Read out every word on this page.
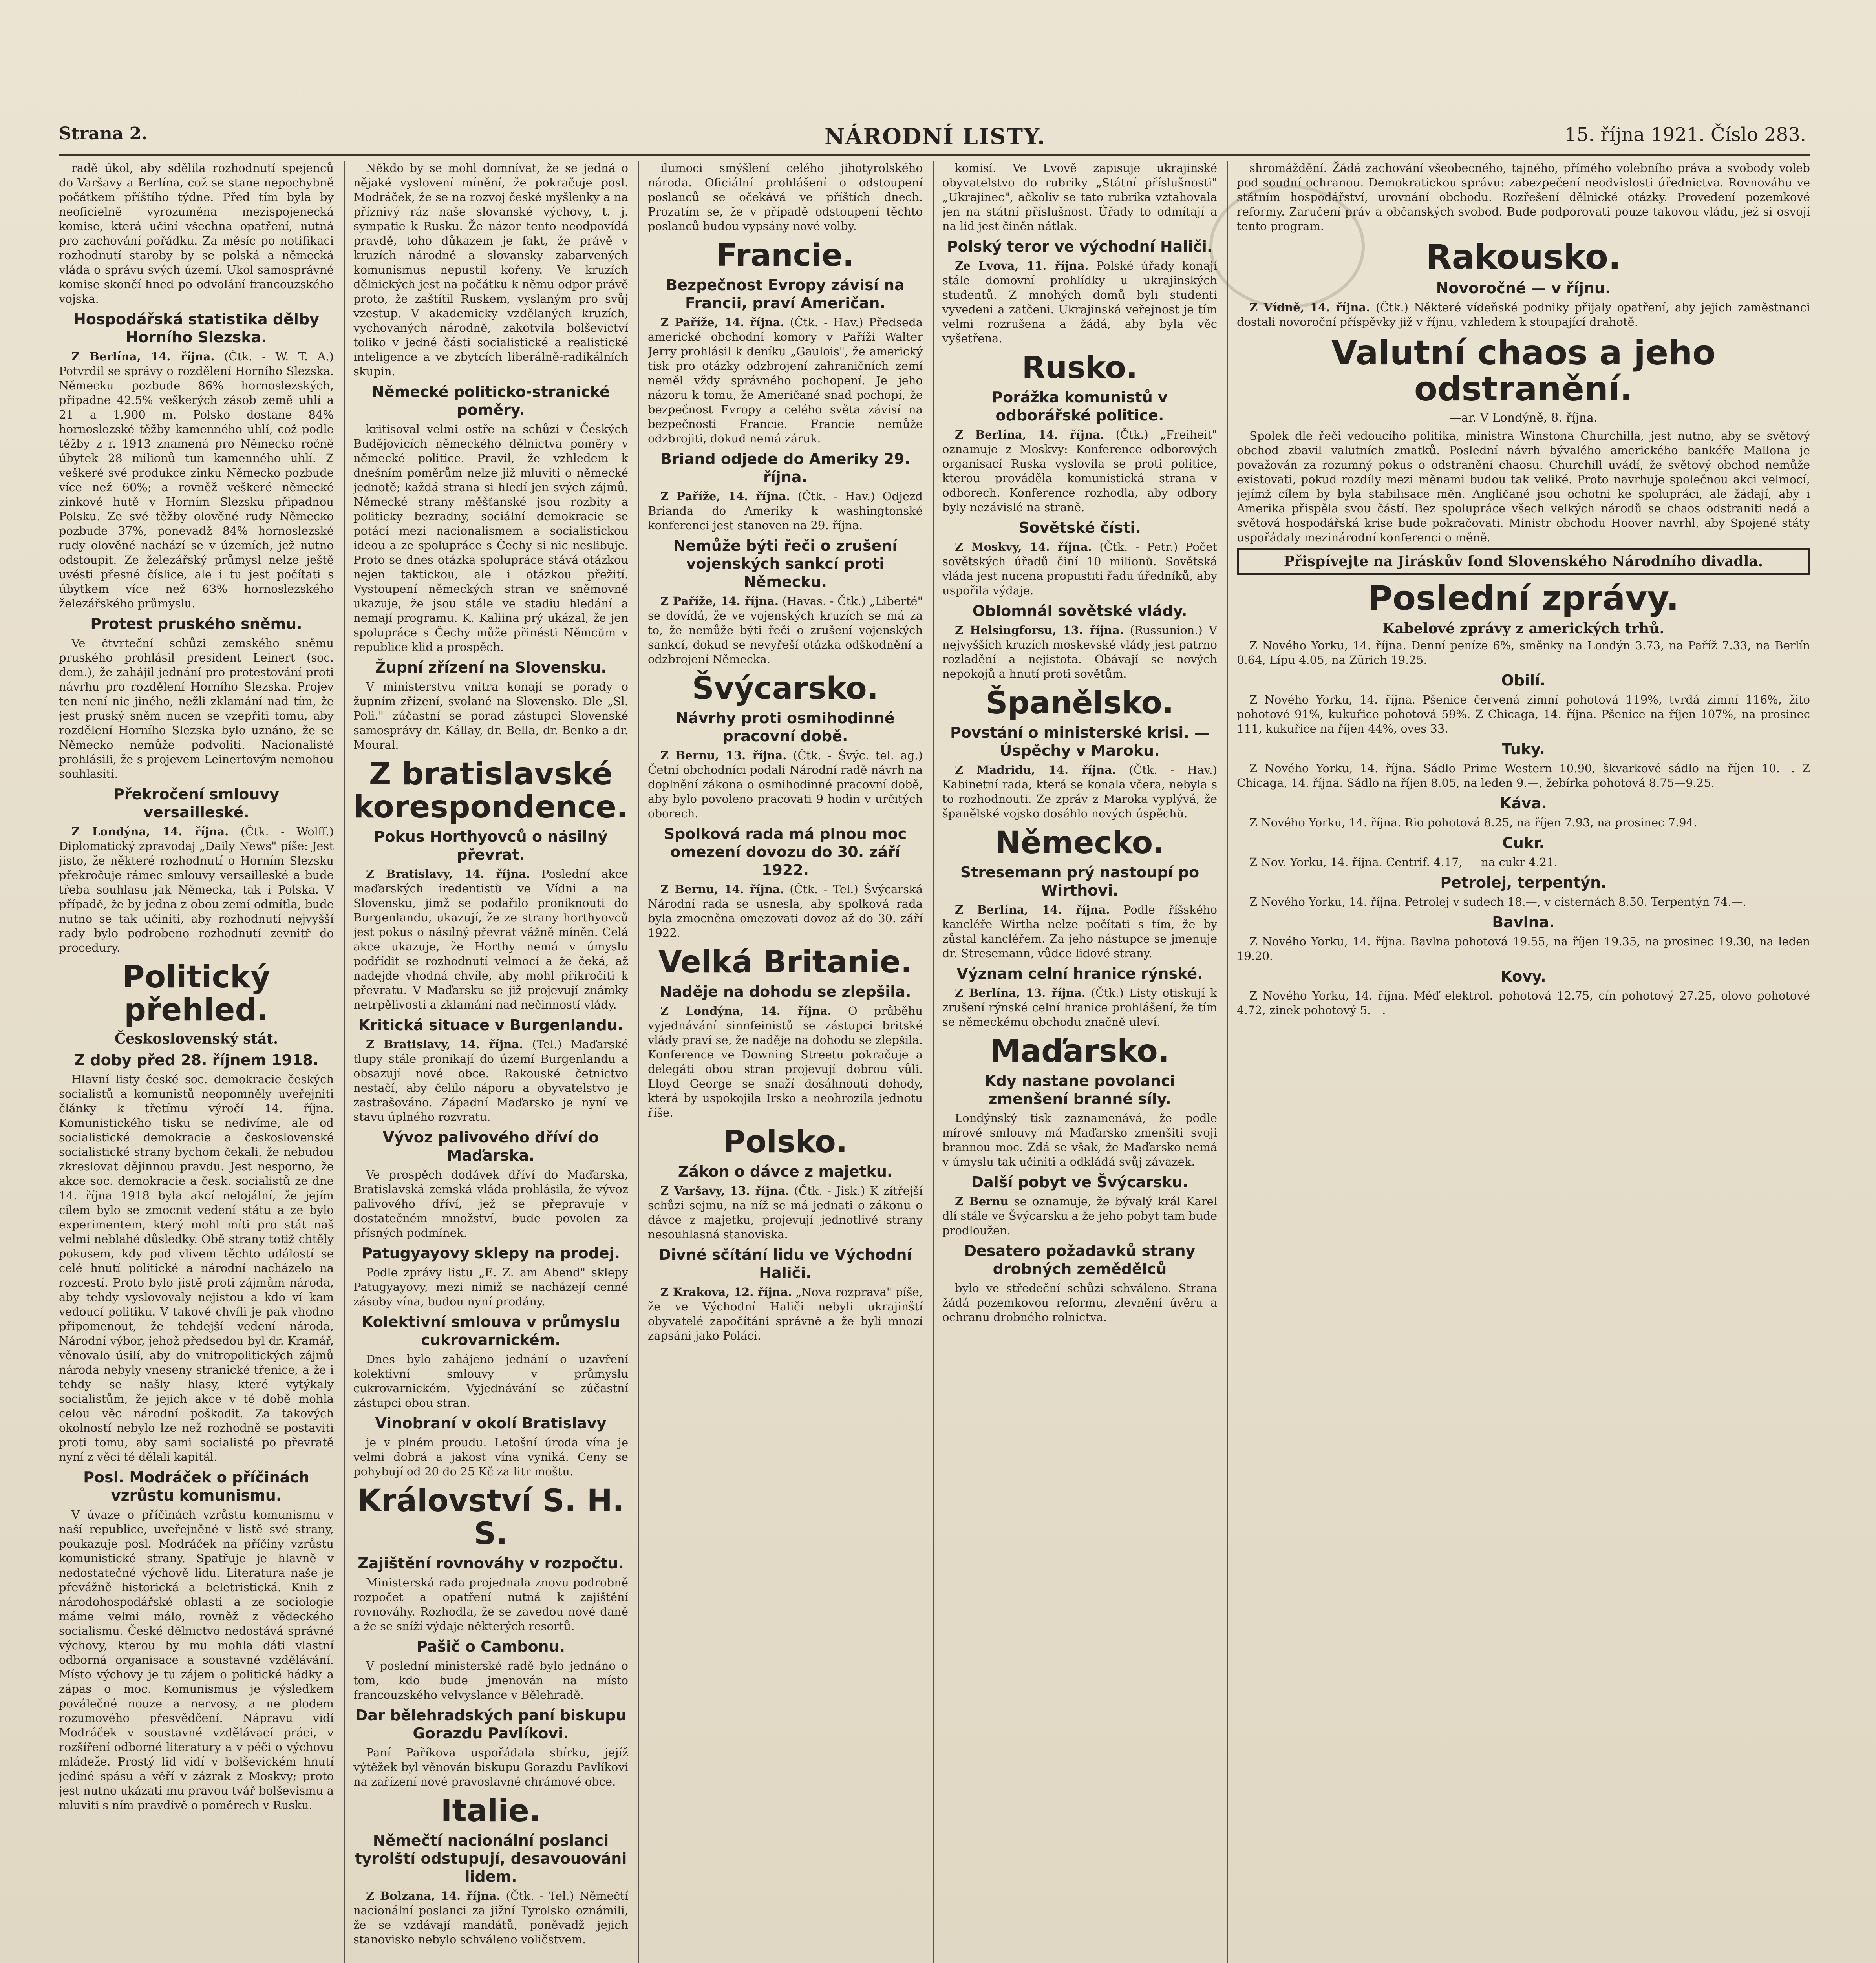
Strana 2.	NÁRODNÍ LISTY.	15. října 1921. Číslo 283.

radě úkol, aby sdělila rozhodnutí spejenců do Varšavy a Berlína, což se stane nepochybně počátkem příštího týdne. Před tím byla by neoficielně vyrozuměna mezispojenecká komise, která učiní všechna opatření, nutná pro zachování pořádku. Za měsíc po notifikaci rozhodnutí staroby by se polská a německá vláda o správu svých území. Ukol samosprávné komise skončí hned po odvolání francouzského vojska.

Hospodářská statistika dělby Horního Slezska.

Z Berlína, 14. října. (Čtk. - W. T. A.) Potvrdil se správy o rozdělení Horního Slezska. Německu pozbude 86% hornoslezských, připadne 42.5% veškerých zásob země uhlí a 21 a 1.900 m. Polsko dostane 84% hornoslezské těžby kamenného uhlí, což podle těžby z r. 1913 znamená pro Německo ročně úbytek 28 milionů tun kamenného uhlí. Z veškeré své produkce zinku Německo pozbude více než 60%; a rovněž veškeré německé zinkové hutě v Horním Slezsku připadnou Polsku. Ze své těžby olověné rudy Německo pozbude 37%, ponevadž 84% hornoslezské rudy olověné nachází se v územích, jež nutno odstoupit. Ze železářský průmysl nelze ještě uvésti přesné číslice, ale i tu jest počítati s úbytkem více než 63% hornoslezského železářského průmyslu.

Protest pruského sněmu.

Ve čtvrteční schůzi zemského sněmu pruského prohlásil president Leinert (soc. dem.), že zahájil jednání pro protestování proti návrhu pro rozdělení Horního Slezska. Projev ten není nic jiného, nežli zklamání nad tím, že jest pruský sněm nucen se vzepřiti tomu, aby rozdělení Horního Slezska bylo uznáno, že se Německo nemůže podvoliti. Nacionalisté prohlásili, že s projevem Leinertovým nemohou souhlasiti.

Překročení smlouvy versailleské.

Z Londýna, 14. října. (Čtk. - Wolff.) Diplomatický zpravodaj „Daily News" píše: Jest jisto, že některé rozhodnutí o Horním Slezsku překročuje rámec smlouvy versailleské a bude třeba souhlasu jak Německa, tak i Polska. V případě, že by jedna z obou zemí odmítla, bude nutno se tak učiniti, aby rozhodnutí nejvyšší rady bylo podrobeno rozhodnutí zevnitř do procedury.

Politický přehled.
Československý stát.
Z doby před 28. říjnem 1918.

Hlavní listy české soc. demokracie českých socialistů a komunistů neopomněly uveřejniti články k třetímu výročí 14. října. Komunistického tisku se nedivíme, ale od socialistické demokracie a československé socialistické strany bychom čekali, že nebudou zkreslovat dějinnou pravdu. Jest nesporno, že akce soc. demokracie a česk. socialistů ze dne 14. října 1918 byla akcí nelojální, že jejím cílem bylo se zmocnit vedení státu a ze bylo experimentem, který mohl míti pro stát naš velmi neblahé důsledky. Obě strany totiž chtěly pokusem, kdy pod vlivem těchto událostí se celé hnutí politické a národní nacházelo na rozcestí. Proto bylo jistě proti zájmům národa, aby tehdy vyslovovaly nejistou a kdo ví kam vedoucí politiku. V takové chvíli je pak vhodno připomenout, že tehdejší vedení národa, Národní výbor, jehož předsedou byl dr. Kramář, věnovalo úsilí, aby do vnitropolitických zájmů národa nebyly vneseny stranické třenice, a že i tehdy se našly hlasy, které vytýkaly socialistům, že jejich akce v té době mohla celou věc národní poškodit. Za takových okolností nebylo lze než rozhodně se postaviti proti tomu, aby sami socialisté po převratě nyní z věci té dělali kapitál.

Posl. Modráček o příčinách vzrůstu komunismu.

V úvaze o příčinách vzrůstu komunismu v naší republice, uveřejněné v listě své strany, poukazuje posl. Modráček na příčiny vzrůstu komunistické strany. Spatřuje je hlavně v nedostatečné výchově lidu. Literatura naše je převážně historická a beletristická. Knih z národohospodářské oblasti a ze sociologie máme velmi málo, rovněž z vědeckého socialismu. České dělnictvo nedostává správné výchovy, kterou by mu mohla dáti vlastní odborná organisace a soustavné vzdělávání. Místo výchovy je tu zájem o politické hádky a zápas o moc. Komunismus je výsledkem poválečné nouze a nervosy, a ne plodem rozumového přesvědčení. Nápravu vidí Modráček v soustavné vzdělávací práci, v rozšíření odborné literatury a v péči o výchovu mládeže. Prostý lid vidí v bolševickém hnutí jediné spásu a věří v zázrak z Moskvy; proto jest nutno ukázati mu pravou tvář bolševismu a mluviti s ním pravdivě o poměrech v Rusku.

Někdo by se mohl domnívat, že se jedná o nějaké vyslovení mínění, že pokračuje posl. Modráček, že se na rozvoj české myšlenky a na příznivý ráz naše slovanské výchovy, t. j. sympatie k Rusku. Že názor tento neodpovídá pravdě, toho důkazem je fakt, že právě v kruzích národně a slovansky zabarvených komunismus nepustil kořeny. Ve kruzích dělnických jest na počátku k němu odpor právě proto, že zaštítil Ruskem, vyslaným pro svůj vzestup. V akademicky vzdělaných kruzích, vychovaných národně, zakotvila bolševictví toliko v jedné části socialistické a realistické inteligence a ve zbytcích liberálně-radikálních skupin.

Německé politicko-stranické poměry.

kritisoval velmi ostře na schůzi v Českých Budějovicích německého dělnictva poměry v německé politice. Pravil, že vzhledem k dnešním poměrům nelze již mluviti o německé jednotě; každá strana si hledí jen svých zájmů. Německé strany měšťanské jsou rozbity a politicky bezradny, sociální demokracie se potácí mezi nacionalismem a socialistickou ideou a ze spolupráce s Čechy si nic neslibuje. Proto se dnes otázka spolupráce stává otázkou nejen taktickou, ale i otázkou přežití. Vystoupení německých stran ve sněmovně ukazuje, že jsou stále ve stadiu hledání a nemají programu. K. Kaliina prý ukázal, že jen spolupráce s Čechy může přinésti Němcům v republice klid a prospěch.

Župní zřízení na Slovensku.

V ministerstvu vnitra konají se porady o župním zřízení, svolané na Slovensko. Dle „Sl. Poli." zúčastní se porad zástupci Slovenské samosprávy dr. Kállay, dr. Bella, dr. Benko a dr. Moural.

Z bratislavské korespondence.
Pokus Horthyovců o násilný převrat.

Z Bratislavy, 14. října. Poslední akce maďarských iredentistů ve Vídni a na Slovensku, jimž se podařilo proniknouti do Burgenlandu, ukazují, že ze strany horthyovců jest pokus o násilný převrat vážně míněn. Celá akce ukazuje, že Horthy nemá v úmyslu podřídit se rozhodnutí velmocí a že čeká, až nadejde vhodná chvíle, aby mohl přikročiti k převratu. V Maďarsku se již projevují známky netrpělivosti a zklamání nad nečinností vlády.

Kritická situace v Burgenlandu.

Z Bratislavy, 14. října. (Tel.) Maďarské tlupy stále pronikají do území Burgenlandu a obsazují nové obce. Rakouské četnictvo nestačí, aby čelilo náporu a obyvatelstvo je zastrašováno. Západní Maďarsko je nyní ve stavu úplného rozvratu.

Vývoz palivového dříví do Maďarska.

Ve prospěch dodávek dříví do Maďarska, Bratislavská zemská vláda prohlásila, že vývoz palivového dříví, jež se přepravuje v dostatečném množství, bude povolen za přísných podmínek.

Patugyayovy sklepy na prodej.

Podle zprávy listu „E. Z. am Abend" sklepy Patugyayovy, mezi nimiž se nacházejí cenné zásoby vína, budou nyní prodány.

Kolektivní smlouva v průmyslu cukrovarnickém.

Dnes bylo zahájeno jednání o uzavření kolektivní smlouvy v průmyslu cukrovarnickém. Vyjednávání se zúčastní zástupci obou stran.

Vinobraní v okolí Bratislavy

je v plném proudu. Letošní úroda vína je velmi dobrá a jakost vína vyniká. Ceny se pohybují od 20 do 25 Kč za litr moštu.

Království S. H. S.
Zajištění rovnováhy v rozpočtu.

Ministerská rada projednala znovu podrobně rozpočet a opatření nutná k zajištění rovnováhy. Rozhodla, že se zavedou nové daně a že se sníží výdaje některých resortů.

Pašič o Cambonu.

V poslední ministerské radě bylo jednáno o tom, kdo bude jmenován na místo francouzského velvyslance v Bělehradě.

Dar bělehradských paní biskupu Gorazdu Pavlíkovi.

Paní Paříkova uspořádala sbírku, jejíž výtěžek byl věnován biskupu Gorazdu Pavlíkovi na zařízení nové pravoslavné chrámové obce.

Italie.
Němečtí nacionální poslanci tyrolští odstupují, desavouováni lidem.

Z Bolzana, 14. října. (Čtk. - Tel.) Němečtí nacionální poslanci za jižní Tyrolsko oznámili, že se vzdávají mandátů, poněvadž jejich stanovisko nebylo schváleno voličstvem.

ilumoci smýšlení celého jihotyrolského národa. Oficiální prohlášení o odstoupení poslanců se očekává ve příštích dnech. Prozatím se, že v případě odstoupení těchto poslanců budou vypsány nové volby.

Francie.
Bezpečnost Evropy závisí na Francii, praví Američan.

Z Paříže, 14. října. (Čtk. - Hav.) Předseda americké obchodní komory v Paříži Walter Jerry prohlásil k deníku „Gaulois", že americký tisk pro otázky odzbrojení zahraničních zemí neměl vždy správného pochopení. Je jeho názoru k tomu, že Američané snad pochopí, že bezpečnost Evropy a celého světa závisí na bezpečnosti Francie. Francie nemůže odzbrojiti, dokud nemá záruk.

Briand odjede do Ameriky 29. října.

Z Paříže, 14. října. (Čtk. - Hav.) Odjezd Brianda do Ameriky k washingtonské konferenci jest stanoven na 29. října.

Nemůže býti řeči o zrušení vojenských sankcí proti Německu.

Z Paříže, 14. října. (Havas. - Čtk.) „Liberté" se dovídá, že ve vojenských kruzích se má za to, že nemůže býti řeči o zrušení vojenských sankcí, dokud se nevyřeší otázka odškodnění a odzbrojení Německa.

Švýcarsko.
Návrhy proti osmihodinné pracovní době.

Z Bernu, 13. října. (Čtk. - Švýc. tel. ag.) Četní obchodníci podali Národní radě návrh na doplnění zákona o osmihodinné pracovní době, aby bylo povoleno pracovati 9 hodin v určitých oborech.

Spolková rada má plnou moc omezení dovozu do 30. září 1922.

Z Bernu, 14. října. (Čtk. - Tel.) Švýcarská Národní rada se usnesla, aby spolková rada byla zmocněna omezovati dovoz až do 30. září 1922.

Velká Britanie.
Naděje na dohodu se zlepšila.

Z Londýna, 14. října. O průběhu vyjednávání sinnfeinistů se zástupci britské vlády praví se, že naděje na dohodu se zlepšila. Konference ve Downing Streetu pokračuje a delegáti obou stran projevují dobrou vůli. Lloyd George se snaží dosáhnouti dohody, která by uspokojila Irsko a neohrozila jednotu říše.

Polsko.
Zákon o dávce z majetku.

Z Varšavy, 13. října. (Čtk. - Jisk.) K zítřejší schůzi sejmu, na níž se má jednati o zákonu o dávce z majetku, projevují jednotlivé strany nesouhlasná stanoviska.

Divné sčítání lidu ve Východní Haliči.

Z Krakova, 12. října. „Nova rozprava" píše, že ve Východní Haliči nebyli ukrajinští obyvatelé započítáni správně a že byli mnozí zapsáni jako Poláci.

komisí. Ve Lvově zapisuje ukrajinské obyvatelstvo do rubriky „Státní příslušnosti" „Ukrajinec", ačkoliv se tato rubrika vztahovala jen na státní příslušnost. Úřady to odmítají a na lid jest činěn nátlak.

Polský teror ve východní Haliči.

Ze Lvova, 11. října. Polské úřady konají stále domovní prohlídky u ukrajinských studentů. Z mnohých domů byli studenti vyvedeni a zatčeni. Ukrajinská veřejnost je tím velmi rozrušena a žádá, aby byla věc vyšetřena.

Rusko.
Porážka komunistů v odborářské politice.

Z Berlína, 14. října. (Čtk.) „Freiheit" oznamuje z Moskvy: Konference odborových organisací Ruska vyslovila se proti politice, kterou prováděla komunistická strana v odborech. Konference rozhodla, aby odbory byly nezávislé na straně.

Sovětské čísti.

Z Moskvy, 14. října. (Čtk. - Petr.) Počet sovětských úřadů činí 10 milionů. Sovětská vláda jest nucena propustiti řadu úředníků, aby uspořila výdaje.

Oblomnál sovětské vlády.

Z Helsingforsu, 13. října. (Russunion.) V nejvyšších kruzích moskevské vlády jest patrno rozladění a nejistota. Obávají se nových nepokojů a hnutí proti sovětům.

Španělsko.
Povstání o ministerské krisi. — Úspěchy v Maroku.

Z Madridu, 14. října. (Čtk. - Hav.) Kabinetní rada, která se konala včera, nebyla s to rozhodnouti. Ze zpráv z Maroka vyplývá, že španělské vojsko dosáhlo nových úspěchů.

Německo.
Stresemann prý nastoupí po Wirthovi.

Z Berlína, 14. října. Podle říšského kancléře Wirtha nelze počítati s tím, že by zůstal kancléřem. Za jeho nástupce se jmenuje dr. Stresemann, vůdce lidové strany.

Význam celní hranice rýnské.

Z Berlína, 13. října. (Čtk.) Listy otiskují k zrušení rýnské celní hranice prohlášení, že tím se německému obchodu značně uleví.

Maďarsko.
Kdy nastane povolanci zmenšení branné síly.

Londýnský tisk zaznamenává, že podle mírové smlouvy má Maďarsko zmenšiti svoji brannou moc. Zdá se však, že Maďarsko nemá v úmyslu tak učiniti a odkládá svůj závazek.

Další pobyt ve Švýcarsku.

Z Bernu se oznamuje, že bývalý král Karel dlí stále ve Švýcarsku a že jeho pobyt tam bude prodloužen.

Desatero požadavků strany drobných zemědělců

bylo ve středeční schůzi schváleno. Strana žádá pozemkovou reformu, zlevnění úvěru a ochranu drobného rolnictva.

shromáždění. Žádá zachování všeobecného, tajného, přímého volebního práva a svobody voleb pod soudní ochranou. Demokratickou správu: zabezpečení neodvislosti úřednictva. Rovnováhu ve státním hospodářství, urovnání obchodu. Rozřešení dělnické otázky. Provedení pozemkové reformy. Zaručení práv a občanských svobod. Bude podporovati pouze takovou vládu, jež si osvojí tento program.

Rakousko.
Novoročné — v říjnu.

Z Vídně, 14. října. (Čtk.) Některé vídeňské podniky přijaly opatření, aby jejich zaměstnanci dostali novoroční příspěvky již v říjnu, vzhledem k stoupající drahotě.

Valutní chaos a jeho odstranění.
—ar. V Londýně, 8. října.

Spolek dle řeči vedoucího politika, ministra Winstona Churchilla, jest nutno, aby se světový obchod zbavil valutních zmatků. Poslední návrh bývalého amerického bankéře Mallona je považován za rozumný pokus o odstranění chaosu. Churchill uvádí, že světový obchod nemůže existovati, pokud rozdíly mezi měnami budou tak veliké. Proto navrhuje společnou akci velmocí, jejímž cílem by byla stabilisace měn. Angličané jsou ochotni ke spolupráci, ale žádají, aby i Amerika přispěla svou částí. Bez spolupráce všech velkých národů se chaos odstraniti nedá a světová hospodářská krise bude pokračovati. Ministr obchodu Hoover navrhl, aby Spojené státy uspořádaly mezinárodní konferenci o měně.

Přispívejte na Jiráskův fond Slovenského Národního divadla.
Poslední zprávy.
Kabelové zprávy z amerických trhů.

Z Nového Yorku, 14. října. Denní peníze 6%, směnky na Londýn 3.73, na Paříž 7.33, na Berlín 0.64, Lípu 4.05, na Zürich 19.25.

Obilí.

Z Nového Yorku, 14. října. Pšenice červená zimní pohotová 119%, tvrdá zimní 116%, žito pohotové 91%, kukuřice pohotová 59%. Z Chicaga, 14. října. Pšenice na říjen 107%, na prosinec 111, kukuřice na říjen 44%, oves 33.

Tuky.

Z Nového Yorku, 14. října. Sádlo Prime Western 10.90, škvarkové sádlo na říjen 10.—. Z Chicaga, 14. října. Sádlo na říjen 8.05, na leden 9.—, žebírka pohotová 8.75—9.25.

Káva.

Z Nového Yorku, 14. října. Rio pohotová 8.25, na říjen 7.93, na prosinec 7.94.

Cukr.

Z Nov. Yorku, 14. října. Centrif. 4.17, — na cukr 4.21.

Petrolej, terpentýn.

Z Nového Yorku, 14. října. Petrolej v sudech 18.—, v cisternách 8.50. Terpentýn 74.—.

Bavlna.

Z Nového Yorku, 14. října. Bavlna pohotová 19.55, na říjen 19.35, na prosinec 19.30, na leden 19.20.

Kovy.

Z Nového Yorku, 14. října. Měď elektrol. pohotová 12.75, cín pohotový 27.25, olovo pohotové 4.72, zinek pohotový 5.—.
